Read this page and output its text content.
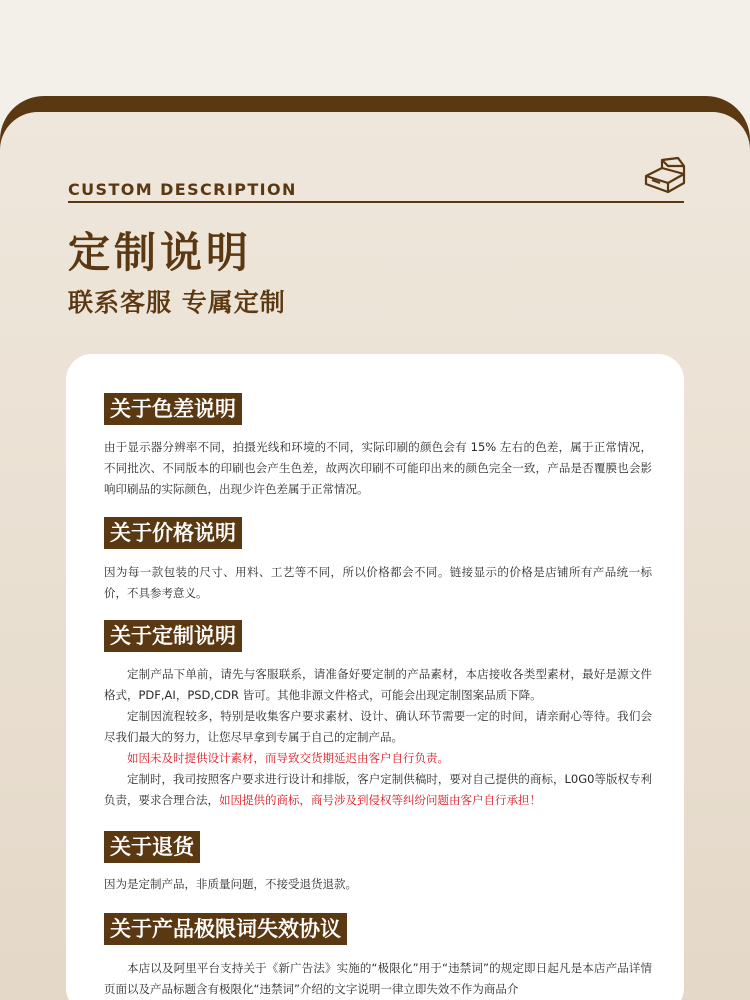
CUSTOM DESCRIPTION
定制说明
联系客服 专属定制
关于色差说明

由于显示器分辨率不同，拍摄光线和环境的不同，实际印刷的颜色会有 15% 左右的色差，属于正常情况，不同批次、不同版本的印刷也会产生色差，故两次印刷不可能印出来的颜色完全一致，产品是否覆膜也会影响印刷品的实际颜色，出现少许色差属于正常情况。

关于价格说明

因为每一款包装的尺寸、用料、工艺等不同，所以价格都会不同。链接显示的价格是店铺所有产品统一标价，不具参考意义。

关于定制说明

定制产品下单前，请先与客服联系，请准备好要定制的产品素材，本店接收各类型素材，最好是源文件格式，PDF,AI，PSD,CDR 皆可。其他非源文件格式，可能会出现定制图案品质下降。

定制因流程较多，特别是收集客户要求素材、设计、确认环节需要一定的时间，请亲耐心等待。我们会尽我们最大的努力，让您尽早拿到专属于自己的定制产品。

如因未及时提供设计素材，而导致交货期延迟由客户自行负责。

定制时，我司按照客户要求进行设计和排版，客户定制供稿时，要对自己提供的商标，L0G0等版权专利负责，要求合理合法，如因提供的商标，商号涉及到侵权等纠纷问题由客户自行承担！

关于退货

因为是定制产品，非质量问题，不接受退货退款。

关于产品极限词失效协议

本店以及阿里平台支持关于《新广告法》实施的“极限化”用于“违禁词”的规定即日起凡是本店产品详情页面以及产品标题含有极限化“违禁词”介绍的文字说明一律立即失效不作为商品介
